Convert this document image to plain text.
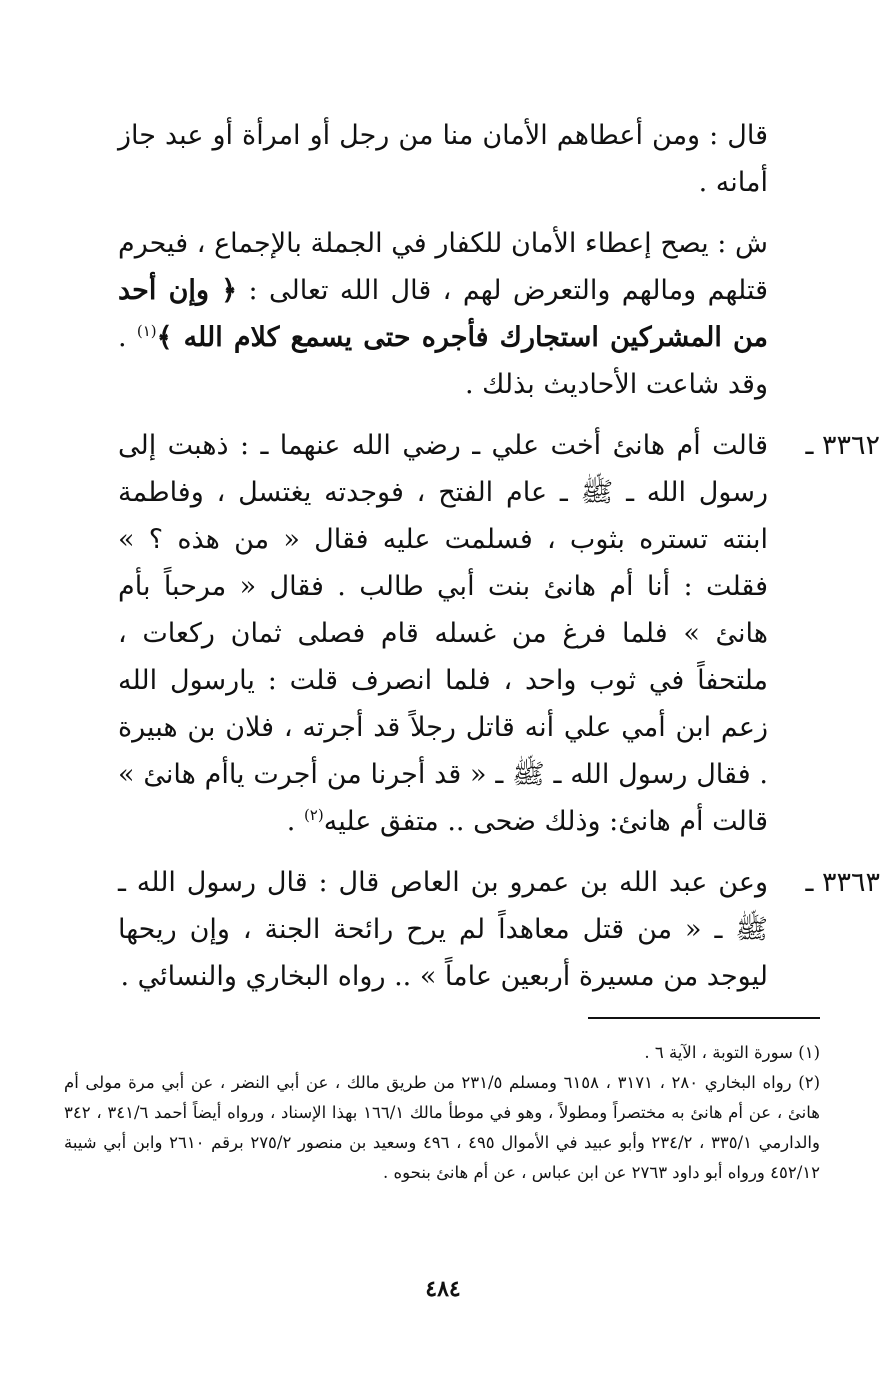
قال : ومن أعطاهم الأمان منا من رجل أو امرأة أو عبد جاز أمانه .

ش : يصح إعطاء الأمان للكفار في الجملة بالإجماع ، فيحرم قتلهم ومالهم والتعرض لهم ، قال الله تعالى : ﴿ وإن أحد من المشركين استجارك فأجره حتى يسمع كلام الله ﴾$^{(١)}$ . وقد شاعت الأحاديث بذلك .

٣٣٦٢ ـ
قالت أم هانئ أخت علي ـ رضي الله عنهما ـ : ذهبت إلى رسول الله ـ ﷺ ـ عام الفتح ، فوجدته يغتسل ، وفاطمة ابنته تستره بثوب ، فسلمت عليه فقال « من هذه ؟ » فقلت : أنا أم هانئ بنت أبي طالب . فقال « مرحباً بأم هانئ » فلما فرغ من غسله قام فصلى ثمان ركعات ، ملتحفاً في ثوب واحد ، فلما انصرف قلت : يارسول الله زعم ابن أمي علي أنه قاتل رجلاً قد أجرته ، فلان بن هبيرة . فقال رسول الله ـ ﷺ ـ « قد أجرنا من أجرت ياأم هانئ » قالت أم هانئ: وذلك ضحى .. متفق عليه$^{(٢)}$ .

٣٣٦٣ ـ
وعن عبد الله بن عمرو بن العاص قال : قال رسول الله ـ ﷺ ـ « من قتل معاهداً لم يرح رائحة الجنة ، وإن ريحها ليوجد من مسيرة أربعين عاماً » .. رواه البخاري والنسائي .

(١) سورة التوبة ، الآية ٦ .

(٢) رواه البخاري ٢٨٠ ، ٣١٧١ ، ٦١٥٨ ومسلم ٢٣١/٥ من طريق مالك ، عن أبي النضر ، عن أبي مرة مولى أم هانئ ، عن أم هانئ به مختصراً ومطولاً ، وهو في موطأ مالك ١٦٦/١ بهذا الإسناد ، ورواه أيضاً أحمد ٣٤١/٦ ، ٣٤٢ والدارمي ٣٣٥/١ ، ٢٣٤/٢ وأبو عبيد في الأموال ٤٩٥ ، ٤٩٦ وسعيد بن منصور ٢٧٥/٢ برقم ٢٦١٠ وابن أبي شيبة ٤٥٢/١٢ ورواه أبو داود ٢٧٦٣ عن ابن عباس ، عن أم هانئ بنحوه .

٤٨٤
